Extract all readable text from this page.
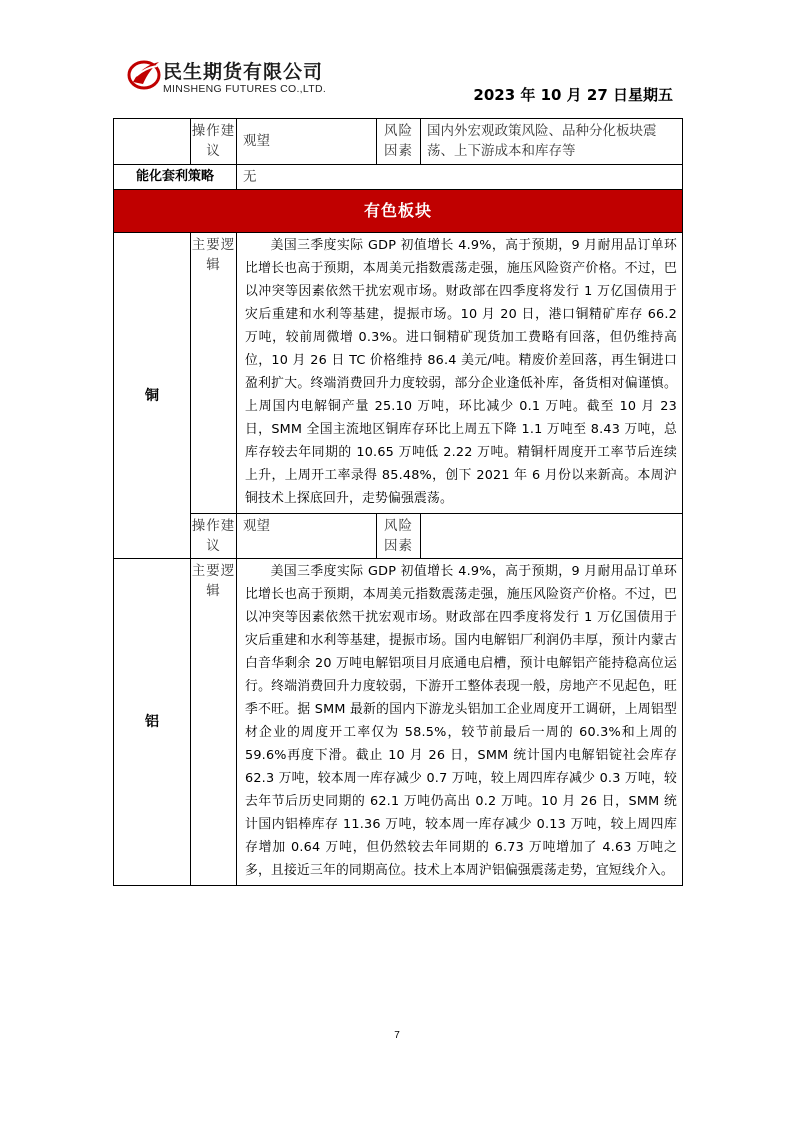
民生期货有限公司
MINSHENG FUTURES CO.,LTD.	2023 年 10 月 27 日星期五
	操作建议	观望	风险因素	国内外宏观政策风险、品种分化板块震荡、上下游成本和库存等
能化套利策略		无		
有色板块				
铜	主要逻辑	美国三季度实际 GDP 初值增长 4.9%，高于预期，9 月耐用品订单环比增长也高于预期，本周美元指数震荡走强，施压风险资产价格。不过，巴以冲突等因素依然干扰宏观市场。财政部在四季度将发行 1 万亿国债用于灾后重建和水利等基建，提振市场。10 月 20 日，港口铜精矿库存 66.2 万吨，较前周微增 0.3%。进口铜精矿现货加工费略有回落，但仍维持高位，10 月 26 日 TC 价格维持 86.4 美元/吨。精废价差回落，再生铜进口盈利扩大。终端消费回升力度较弱，部分企业逢低补库，备货相对偏谨慎。上周国内电解铜产量 25.10 万吨，环比减少 0.1 万吨。截至 10 月 23 日，SMM 全国主流地区铜库存环比上周五下降 1.1 万吨至 8.43 万吨，总库存较去年同期的 10.65 万吨低 2.22 万吨。精铜杆周度开工率节后连续上升，上周开工率录得 85.48%，创下 2021 年 6 月份以来新高。本周沪铜技术上探底回升，走势偏强震荡。		

	操作建议	观望	风险因素	
铝	主要逻辑	美国三季度实际 GDP 初值增长 4.9%，高于预期，9 月耐用品订单环比增长也高于预期，本周美元指数震荡走强，施压风险资产价格。不过，巴以冲突等因素依然干扰宏观市场。财政部在四季度将发行 1 万亿国债用于灾后重建和水利等基建，提振市场。国内电解铝厂利润仍丰厚，预计内蒙古白音华剩余 20 万吨电解铝项目月底通电启槽，预计电解铝产能持稳高位运行。终端消费回升力度较弱，下游开工整体表现一般，房地产不见起色，旺季不旺。据 SMM 最新的国内下游龙头铝加工企业周度开工调研，上周铝型材企业的周度开工率仅为 58.5%，较节前最后一周的 60.3%和上周的 59.6%再度下滑。截止 10 月 26 日，SMM 统计国内电解铝锭社会库存 62.3 万吨，较本周一库存减少 0.7 万吨，较上周四库存减少 0.3 万吨，较去年节后历史同期的 62.1 万吨仍高出 0.2 万吨。10 月 26 日，SMM 统计国内铝棒库存 11.36 万吨，较本周一库存减少 0.13 万吨，较上周四库存增加 0.64 万吨，但仍然较去年同期的 6.73 万吨增加了 4.63 万吨之多，且接近三年的同期高位。技术上本周沪铝偏强震荡走势，宜短线介入。		

7
